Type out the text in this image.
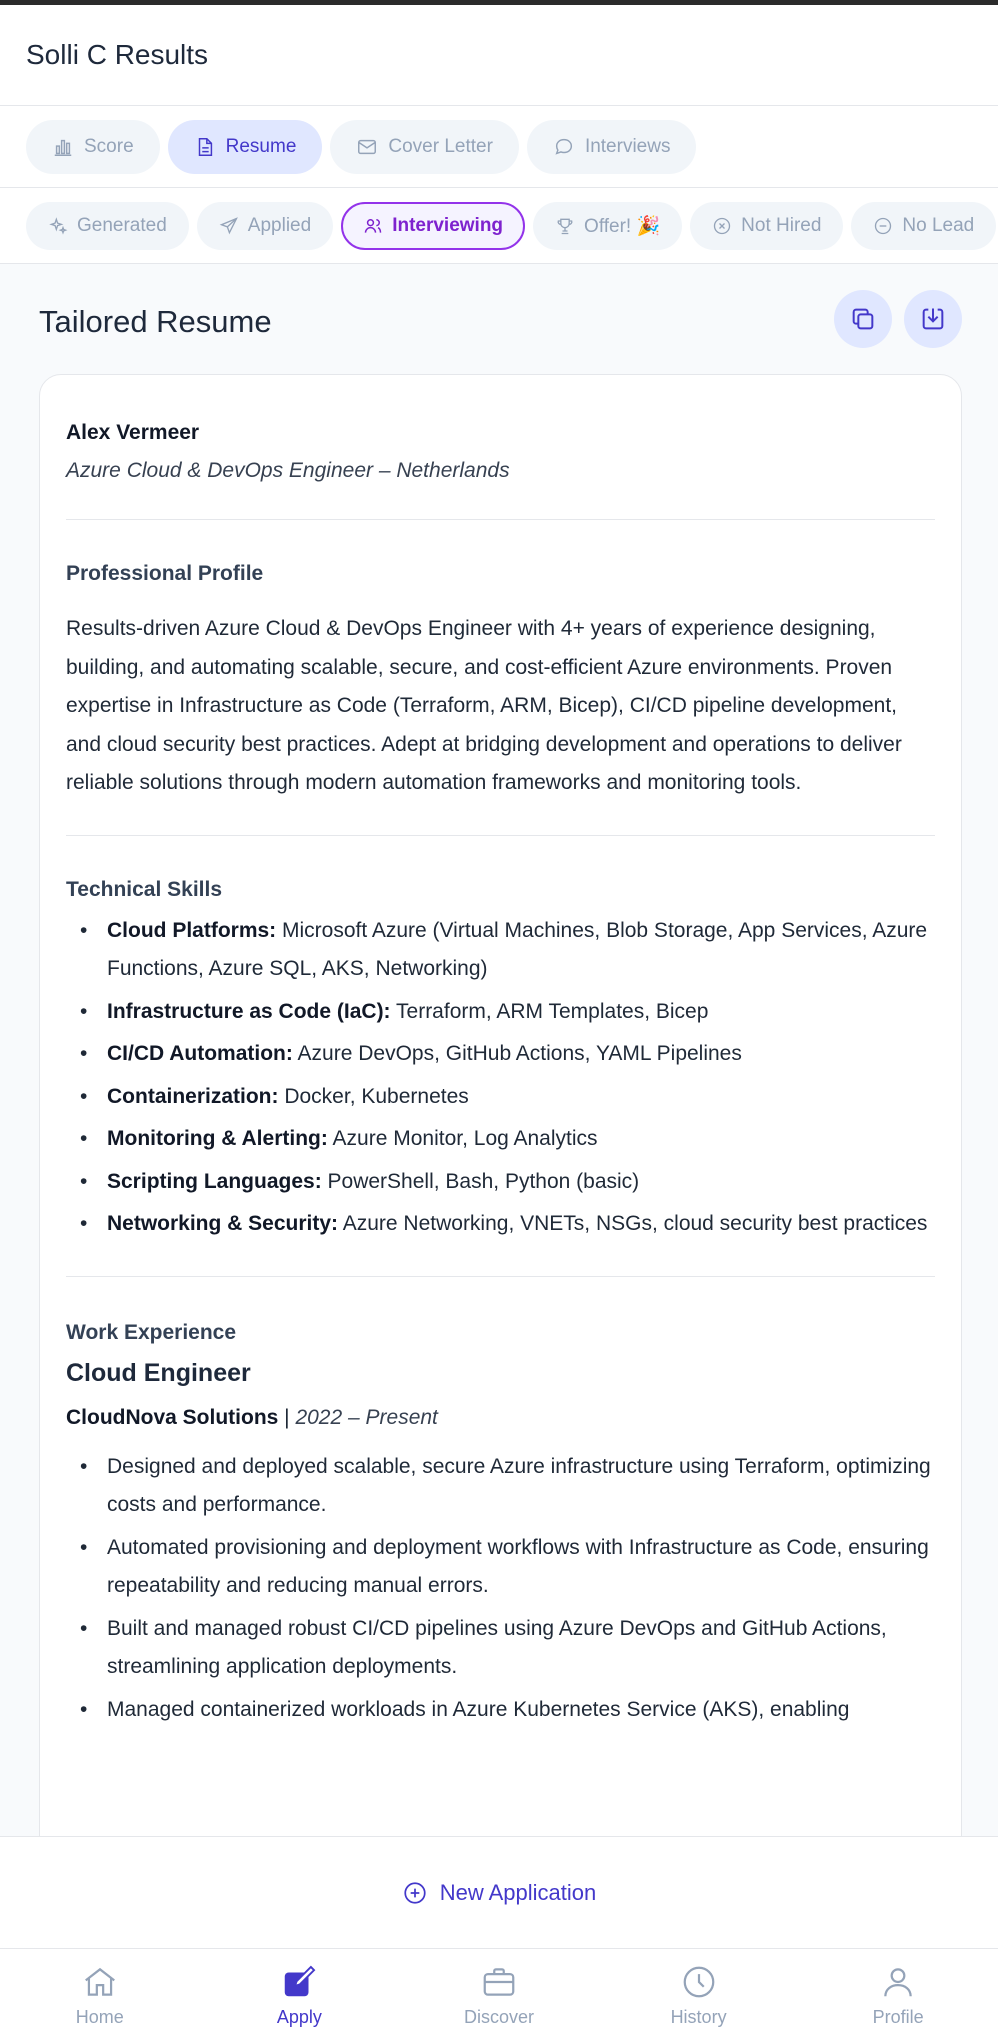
Solli C Results
Score	Resume	Cover Letter	Interviews
Generated	Applied	Interviewing	Offer! 🎉	Not Hired	No Lead
Tailored Resume
Alex Vermeer
Azure Cloud & DevOps Engineer – Netherlands
Professional Profile

Results-driven Azure Cloud & DevOps Engineer with 4+ years of experience designing, building, and automating scalable, secure, and cost-efficient Azure environments. Proven expertise in Infrastructure as Code (Terraform, ARM, Bicep), CI/CD pipeline development, and cloud security best practices. Adept at bridging development and operations to deliver reliable solutions through modern automation frameworks and monitoring tools.

Technical Skills
• Cloud Platforms: Microsoft Azure (Virtual Machines, Blob Storage, App Services, Azure Functions, Azure SQL, AKS, Networking)
• Infrastructure as Code (IaC): Terraform, ARM Templates, Bicep
• CI/CD Automation: Azure DevOps, GitHub Actions, YAML Pipelines
• Containerization: Docker, Kubernetes
• Monitoring & Alerting: Azure Monitor, Log Analytics
• Scripting Languages: PowerShell, Bash, Python (basic)
• Networking & Security: Azure Networking, VNETs, NSGs, cloud security best practices
Work Experience
Cloud Engineer
CloudNova Solutions | 2022 – Present
• Designed and deployed scalable, secure Azure infrastructure using Terraform, optimizing costs and performance.
• Automated provisioning and deployment workflows with Infrastructure as Code, ensuring repeatability and reducing manual errors.
• Built and managed robust CI/CD pipelines using Azure DevOps and GitHub Actions, streamlining application deployments.
• Managed containerized workloads in Azure Kubernetes Service (AKS), enabling
New Application
Home	Apply	Discover	History	Profile
